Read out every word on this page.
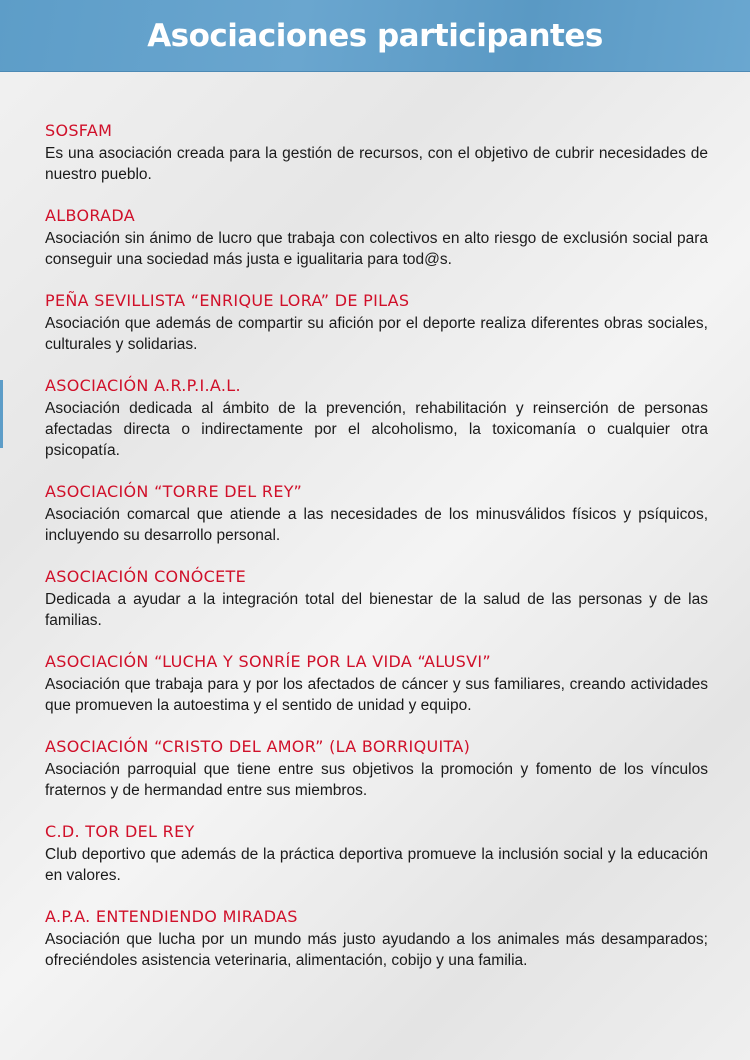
Asociaciones participantes
SOSFAM

Es una asociación creada para la gestión de recursos, con el objetivo de cubrir necesidades de nuestro pueblo.

ALBORADA

Asociación sin ánimo de lucro que trabaja con colectivos en alto riesgo de exclusión social para conseguir una sociedad más justa e igualitaria para tod@s.

PEÑA SEVILLISTA “ENRIQUE LORA” DE PILAS

Asociación que además de compartir su afición por el deporte realiza diferentes obras sociales, culturales y solidarias.

ASOCIACIÓN A.R.P.I.A.L.

Asociación dedicada al ámbito de la prevención, rehabilitación y reinserción de personas afectadas directa o indirectamente por el alcoholismo, la toxicomanía o cualquier otra psicopatía.

ASOCIACIÓN “TORRE DEL REY”

Asociación comarcal que atiende a las necesidades de los minusválidos físicos y psíquicos, incluyendo su desarrollo personal.

ASOCIACIÓN CONÓCETE

Dedicada a ayudar a la integración total del bienestar de la salud de las personas y de las familias.

ASOCIACIÓN “LUCHA Y SONRÍE POR LA VIDA “ALUSVI”

Asociación que trabaja para y por los afectados de cáncer y sus familiares, creando actividades que promueven la autoestima y el sentido de unidad y equipo.

ASOCIACIÓN “CRISTO DEL AMOR” (LA BORRIQUITA)

Asociación parroquial que tiene entre sus objetivos la promoción y fomento de los vínculos fraternos y de hermandad entre sus miembros.

C.D. TOR DEL REY

Club deportivo que además de la práctica deportiva promueve la inclusión social y la educación en valores.

A.P.A. ENTENDIENDO MIRADAS

Asociación que lucha por un mundo más justo ayudando a los animales más desamparados; ofreciéndoles asistencia veterinaria, alimentación, cobijo y una familia.
